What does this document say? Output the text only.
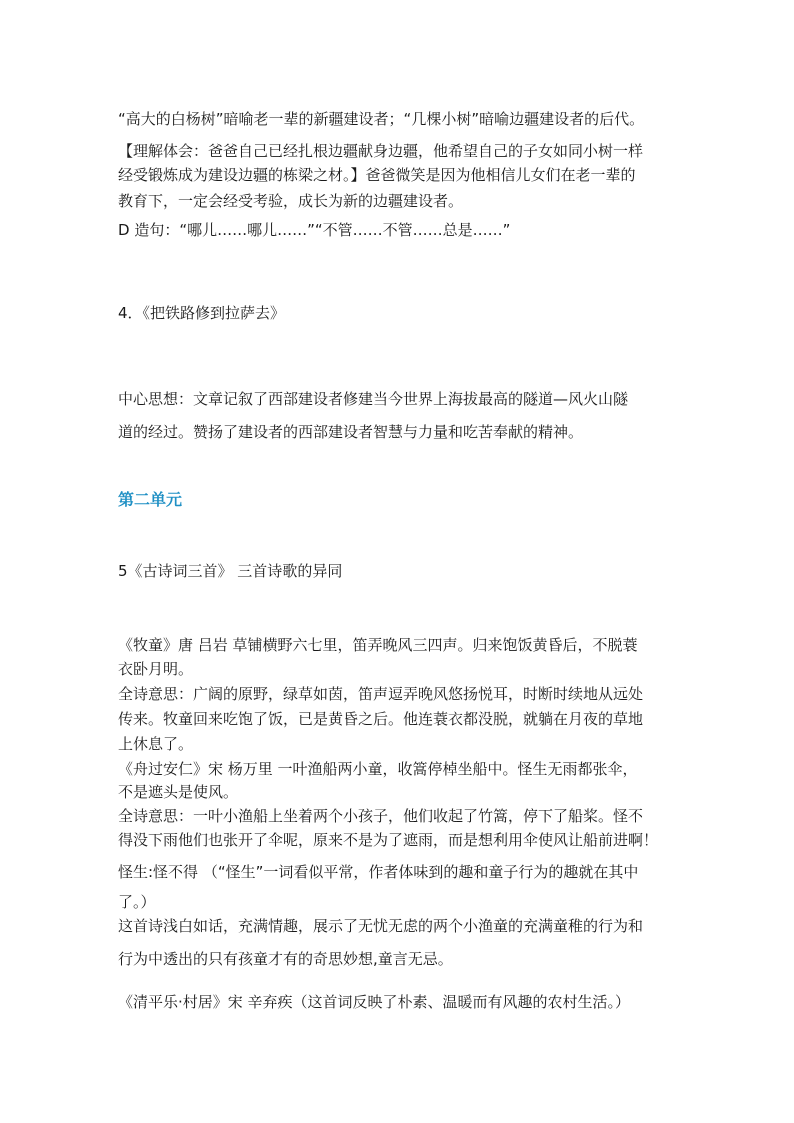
“高大的白杨树”暗喻老一辈的新疆建设者；“几棵小树”暗喻边疆建设者的后代。
【理解体会：爸爸自己已经扎根边疆献身边疆，他希望自己的子女如同小树一样
经受锻炼成为建设边疆的栋梁之材。】爸爸微笑是因为他相信儿女们在老一辈的
教育下，一定会经受考验，成长为新的边疆建设者。
D 造句：“哪儿……哪儿……”“不管……不管……总是……”
4．《把铁路修到拉萨去》
中心思想：文章记叙了西部建设者修建当今世界上海拔最高的隧道—风火山隧
道的经过。赞扬了建设者的西部建设者智慧与力量和吃苦奉献的精神。
第二单元
5《古诗词三首》 三首诗歌的异同
《牧童》唐 吕岩 草铺横野六七里，笛弄晚风三四声。归来饱饭黄昏后，不脱蓑
衣卧月明。
全诗意思：广阔的原野，绿草如茵，笛声逗弄晚风悠扬悦耳，时断时续地从远处
传来。牧童回来吃饱了饭，已是黄昏之后。他连蓑衣都没脱，就躺在月夜的草地
上休息了。
《舟过安仁》宋 杨万里 一叶渔船两小童，收篙停棹坐船中。怪生无雨都张伞，
不是遮头是使风。
全诗意思：一叶小渔船上坐着两个小孩子，他们收起了竹篙，停下了船桨。怪不
得没下雨他们也张开了伞呢，原来不是为了遮雨，而是想利用伞使风让船前进啊！
怪生:怪不得 （“怪生”一词看似平常，作者体味到的趣和童子行为的趣就在其中
了。）
这首诗浅白如话，充满情趣，展示了无忧无虑的两个小渔童的充满童稚的行为和
行为中透出的只有孩童才有的奇思妙想,童言无忌。
《清平乐·村居》宋 辛弃疾（这首词反映了朴素、温暖而有风趣的农村生活。）
